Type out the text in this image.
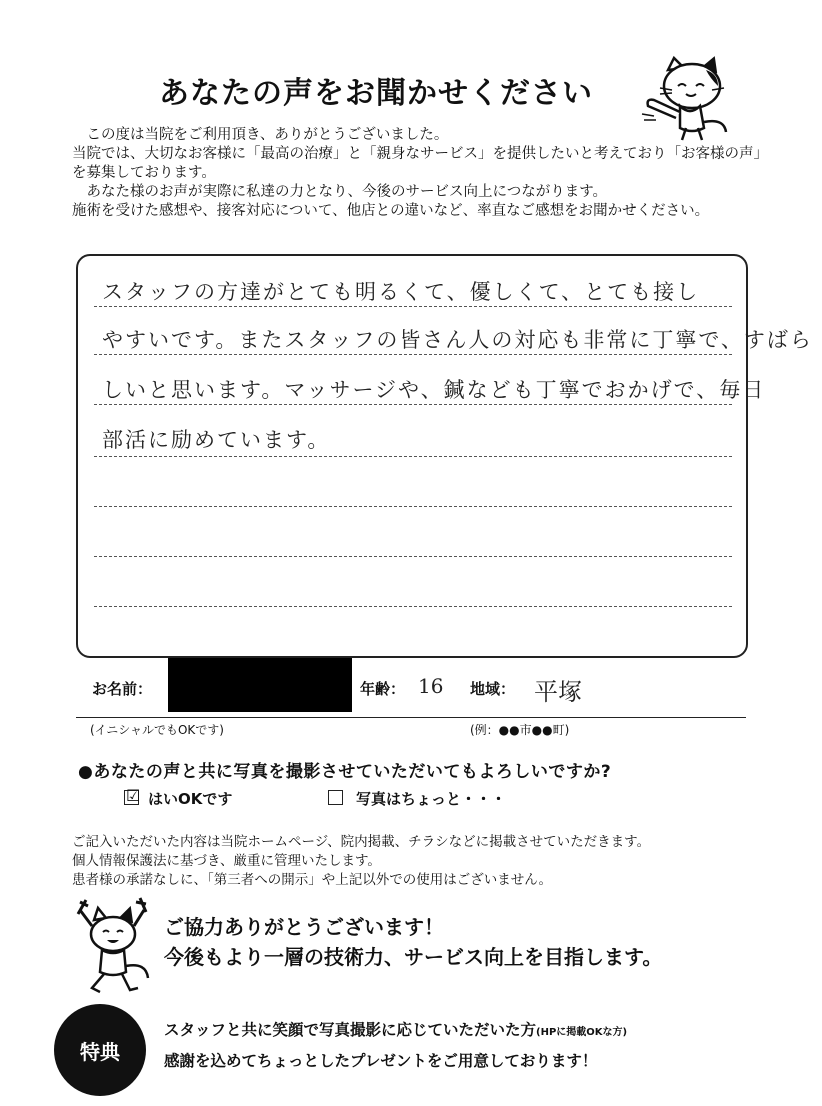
あなたの声をお聞かせください

この度は当院をご利用頂き、ありがとうございました。

当院では、大切なお客様に「最高の治療」と「親身なサービス」を提供したいと考えており「お客様の声」を募集しております。

あなた様のお声が実際に私達の力となり、今後のサービス向上につながります。

施術を受けた感想や、接客対応について、他店との違いなど、率直なご感想をお聞かせください。

スタッフの方達がとても明るくて、優しくて、とても接し
やすいです。またスタッフの皆さん人の対応も非常に丁寧で、すばら
しいと思います。マッサージや、鍼なども丁寧でおかげで、毎日
部活に励めています。
お名前：	年齢： 16 地域： 平塚
(イニシャルでもOKです)	(例：●●市●●町)
●あなたの声と共に写真を撮影させていただいてもよろしいですか?
☑ はいOKです	写真はちょっと・・・

ご記入いただいた内容は当院ホームページ、院内掲載、チラシなどに掲載させていただきます。

個人情報保護法に基づき、厳重に管理いたします。

患者様の承諾なしに、「第三者への開示」や上記以外での使用はございません。

ご協力ありがとうございます！

今後もより一層の技術力、サービス向上を目指します。

特典

スタッフと共に笑顔で写真撮影に応じていただいた方(HPに掲載OKな方)

感謝を込めてちょっとしたプレゼントをご用意しております！
